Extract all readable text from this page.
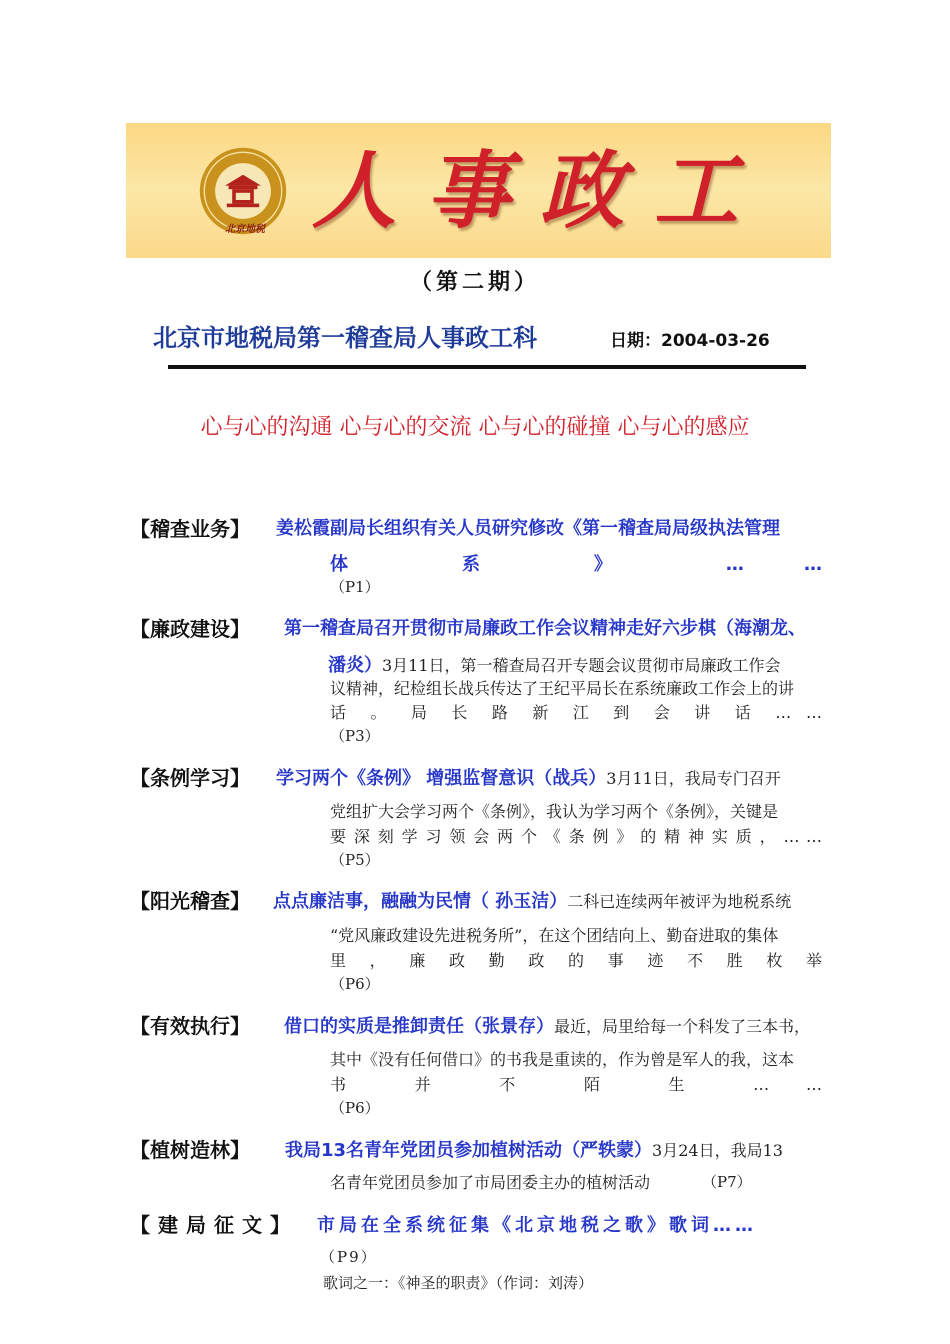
北京地税 人事政工
（第二期）
北京市地税局第一稽查局人事政工科	日期：2004-03-26
心与心的沟通 心与心的交流 心与心的碰撞 心与心的感应
【稽查业务】 姜松霞副局长组织有关人员研究修改《第一稽查局局级执法管理
体 系 》 … …
（P1）
【廉政建设】 第一稽查局召开贯彻市局廉政工作会议精神走好六步棋（海潮龙、
潘炎）3月11日，第一稽查局召开专题会议贯彻市局廉政工作会
议精神，纪检组长战兵传达了王纪平局长在系统廉政工作会上的讲
话 。 局 长 路 新 江 到 会 讲 话 … …
（P3）
【条例学习】 学习两个《条例》 增强监督意识（战兵）3月11日，我局专门召开
党组扩大会学习两个《条例》，我认为学习两个《条例》，关键是
要 深 刻 学 习 领 会 两 个 《 条 例 》 的 精 神 实 质 ， … …
（P5）
【阳光稽查】 点点廉洁事，融融为民情（ 孙玉洁）二科已连续两年被评为地税系统
“党风廉政建设先进税务所”，在这个团结向上、勤奋进取的集体
里 ， 廉 政 勤 政 的 事 迹 不 胜 枚 举
（P6）
【有效执行】 借口的实质是推卸责任（张景存）最近，局里给每一个科发了三本书，
其中《没有任何借口》的书我是重读的，作为曾是军人的我，这本
书 并 不 陌 生 … …
（P6）
【植树造林】 我局13名青年党团员参加植树活动（严轶蒙）3月24日，我局13
名青年党团员参加了市局团委主办的植树活动	（P7）
【建局征文】 市局在全系统征集《北京地税之歌》歌词……
（P9）
歌词之一：《神圣的职责》（作词：刘涛）
